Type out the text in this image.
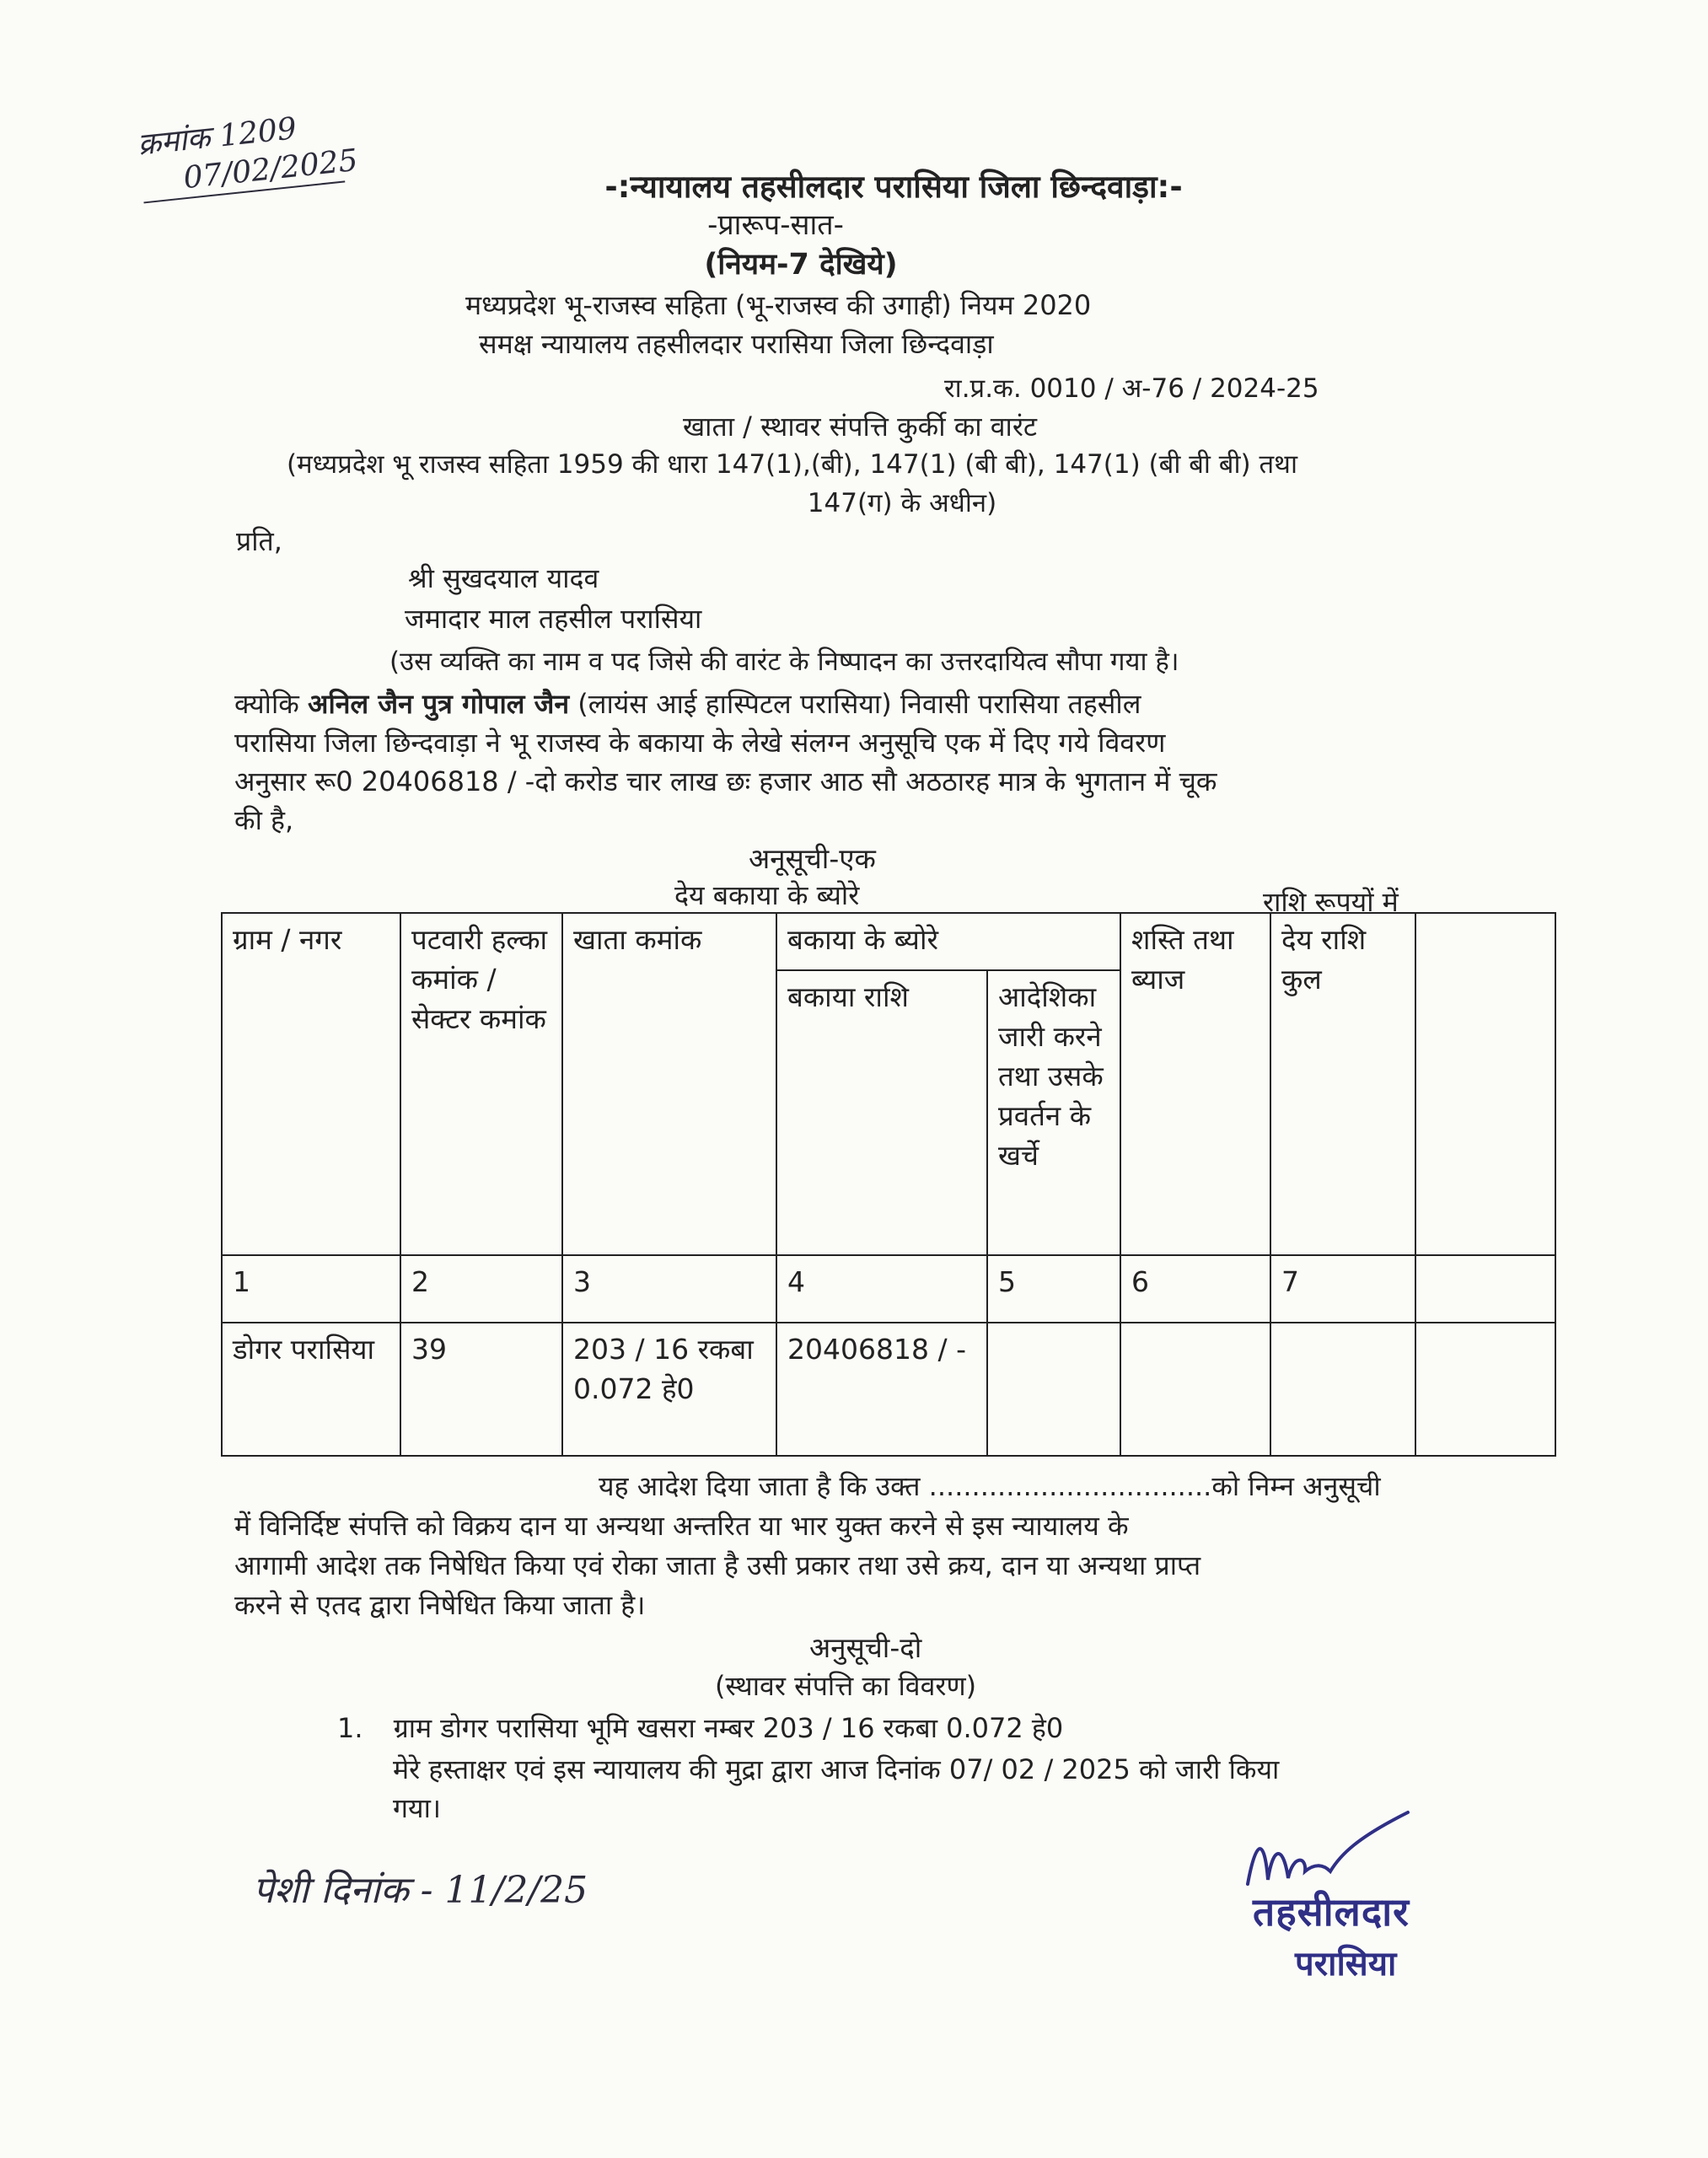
क्रमांक 1209
07/02/2025	-:न्यायालय तहसीलदार परासिया जिला छिन्दवाड़ा:-
-प्रारूप-सात-
(नियम-7 देखिये)
मध्यप्रदेश भू-राजस्व सहिता (भू-राजस्व की उगाही) नियम 2020
समक्ष न्यायालय तहसीलदार परासिया जिला छिन्दवाड़ा
रा.प्र.क. 0010 / अ-76 / 2024-25
खाता / स्थावर संपत्ति कुर्की का वारंट
(मध्यप्रदेश भू राजस्व सहिता 1959 की धारा 147(1),(बी), 147(1) (बी बी), 147(1) (बी बी बी) तथा
147(ग) के अधीन)
प्रति,
श्री सुखदयाल यादव
जमादार माल तहसील परासिया
(उस व्यक्ति का नाम व पद जिसे की वारंट के निष्पादन का उत्तरदायित्व सौपा गया है।
क्योकि अनिल जैन पुत्र गोपाल जैन (लायंस आई हास्पिटल परासिया) निवासी परासिया तहसील
परासिया जिला छिन्दवाड़ा ने भू राजस्व के बकाया के लेखे संलग्न अनुसूचि एक में दिए गये विवरण
अनुसार रू0 20406818 / -दो करोड चार लाख छः हजार आठ सौ अठठारह मात्र के भुगतान में चूक
की है,
अनूसूची-एक
देय बकाया के ब्योरे	राशि रूपयों में
ग्राम / नगर	पटवारी हल्का कमांक / सेक्टर कमांक	खाता कमांक	बकाया के ब्योरे		शस्ति तथा ब्याज	देय राशि कुल	
			बकाया राशि	आदेशिका जारी करने तथा उसके प्रवर्तन के खर्चे			
1	2	3	4	5	6	7	
डोगर परासिया	39	203 / 16 रकबा 0.072 हे0	20406818 / -				
यह आदेश दिया जाता है कि उक्त .................................को निम्न अनुसूची
में विनिर्दिष्ट संपत्ति को विक्रय दान या अन्यथा अन्तरित या भार युक्त करने से इस न्यायालय के
आगामी आदेश तक निषेधित किया एवं रोका जाता है उसी प्रकार तथा उसे क्रय, दान या अन्यथा प्राप्त
करने से एतद द्वारा निषेधित किया जाता है।
अनुसूची-दो
(स्थावर संपत्ति का विवरण)
1. ग्राम डोगर परासिया भूमि खसरा नम्बर 203 / 16 रकबा 0.072 हे0
मेरे हस्ताक्षर एवं इस न्यायालय की मुद्रा द्वारा आज दिनांक 07/ 02 / 2025 को जारी किया
गया।
पेशी दिनांक - 11/2/25	तहसीलदार
परासिया
